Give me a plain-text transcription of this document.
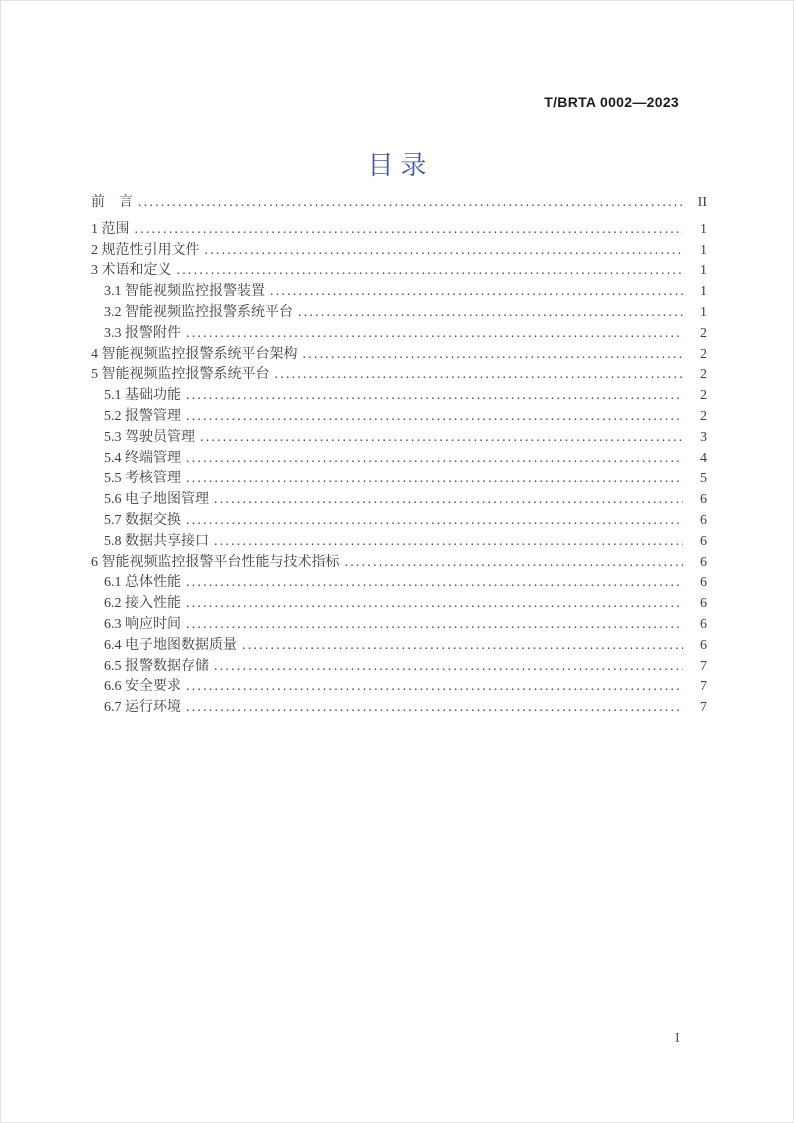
T/BRTA 0002—2023
目录
前　言 .....	II
1 范围 .....	1
2 规范性引用文件 .....	1
3 术语和定义 .....	1
3.1 智能视频监控报警装置 .....	1
3.2 智能视频监控报警系统平台 .....	1
3.3 报警附件 .....	2
4 智能视频监控报警系统平台架构 .....	2
5 智能视频监控报警系统平台 .....	2
5.1 基础功能 .....	2
5.2 报警管理 .....	2
5.3 驾驶员管理 .....	3
5.4 终端管理 .....	4
5.5 考核管理 .....	5
5.6 电子地图管理 .....	6
5.7 数据交换 .....	6
5.8 数据共享接口 .....	6
6 智能视频监控报警平台性能与技术指标 .....	6
6.1 总体性能 .....	6
6.2 接入性能 .....	6
6.3 响应时间 .....	6
6.4 电子地图数据质量 .....	6
6.5 报警数据存储 .....	7
6.6 安全要求 .....	7
6.7 运行环境 .....	7
I
